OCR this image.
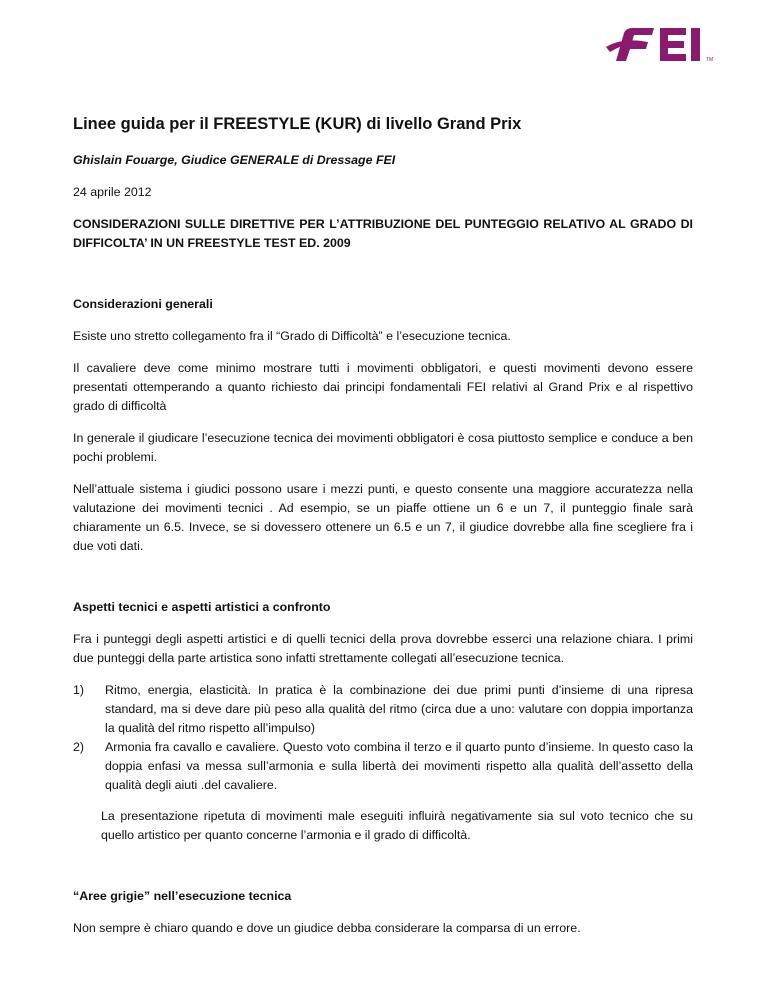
TM
Linee guida per il FREESTYLE (KUR) di livello Grand Prix
Ghislain Fouarge, Giudice GENERALE di Dressage FEI
24 aprile 2012
CONSIDERAZIONI SULLE DIRETTIVE PER L’ATTRIBUZIONE DEL PUNTEGGIO RELATIVO AL GRADO DI DIFFICOLTA’ IN UN FREESTYLE TEST ED. 2009
Considerazioni generali

Esiste uno stretto collegamento fra il “Grado di Difficoltà” e l’esecuzione tecnica.

Il cavaliere deve come minimo mostrare tutti i movimenti obbligatori, e questi movimenti devono essere presentati ottemperando a quanto richiesto dai principi fondamentali FEI relativi al Grand Prix e al rispettivo grado di difficoltà

In generale il giudicare l’esecuzione tecnica dei movimenti obbligatori è cosa piuttosto semplice e conduce a ben pochi problemi.

Nell’attuale sistema i giudici possono usare i mezzi punti, e questo consente una maggiore accuratezza nella valutazione dei movimenti tecnici . Ad esempio, se un piaffe ottiene un 6 e un 7, il punteggio finale sarà chiaramente un 6.5. Invece, se si dovessero ottenere un 6.5 e un 7, il giudice dovrebbe alla fine scegliere fra i due voti dati.

Aspetti tecnici e aspetti artistici a confronto

Fra i punteggi degli aspetti artistici e di quelli tecnici della prova dovrebbe esserci una relazione chiara. I primi due punteggi della parte artistica sono infatti strettamente collegati all’esecuzione tecnica.

1) Ritmo, energia, elasticità. In pratica è la combinazione dei due primi punti d’insieme di una ripresa standard, ma si deve dare più peso alla qualità del ritmo (circa due a uno: valutare con doppia importanza la qualità del ritmo rispetto all’impulso)
2) Armonia fra cavallo e cavaliere. Questo voto combina il terzo e il quarto punto d’insieme. In questo caso la doppia enfasi va messa sull’armonia e sulla libertà dei movimenti rispetto alla qualità dell’assetto della qualità degli aiuti .del cavaliere.

La presentazione ripetuta di movimenti male eseguiti influirà negativamente sia sul voto tecnico che su quello artistico per quanto concerne l’armonia e il grado di difficoltà.

“Aree grigie” nell’esecuzione tecnica

Non sempre è chiaro quando e dove un giudice debba considerare la comparsa di un errore.
